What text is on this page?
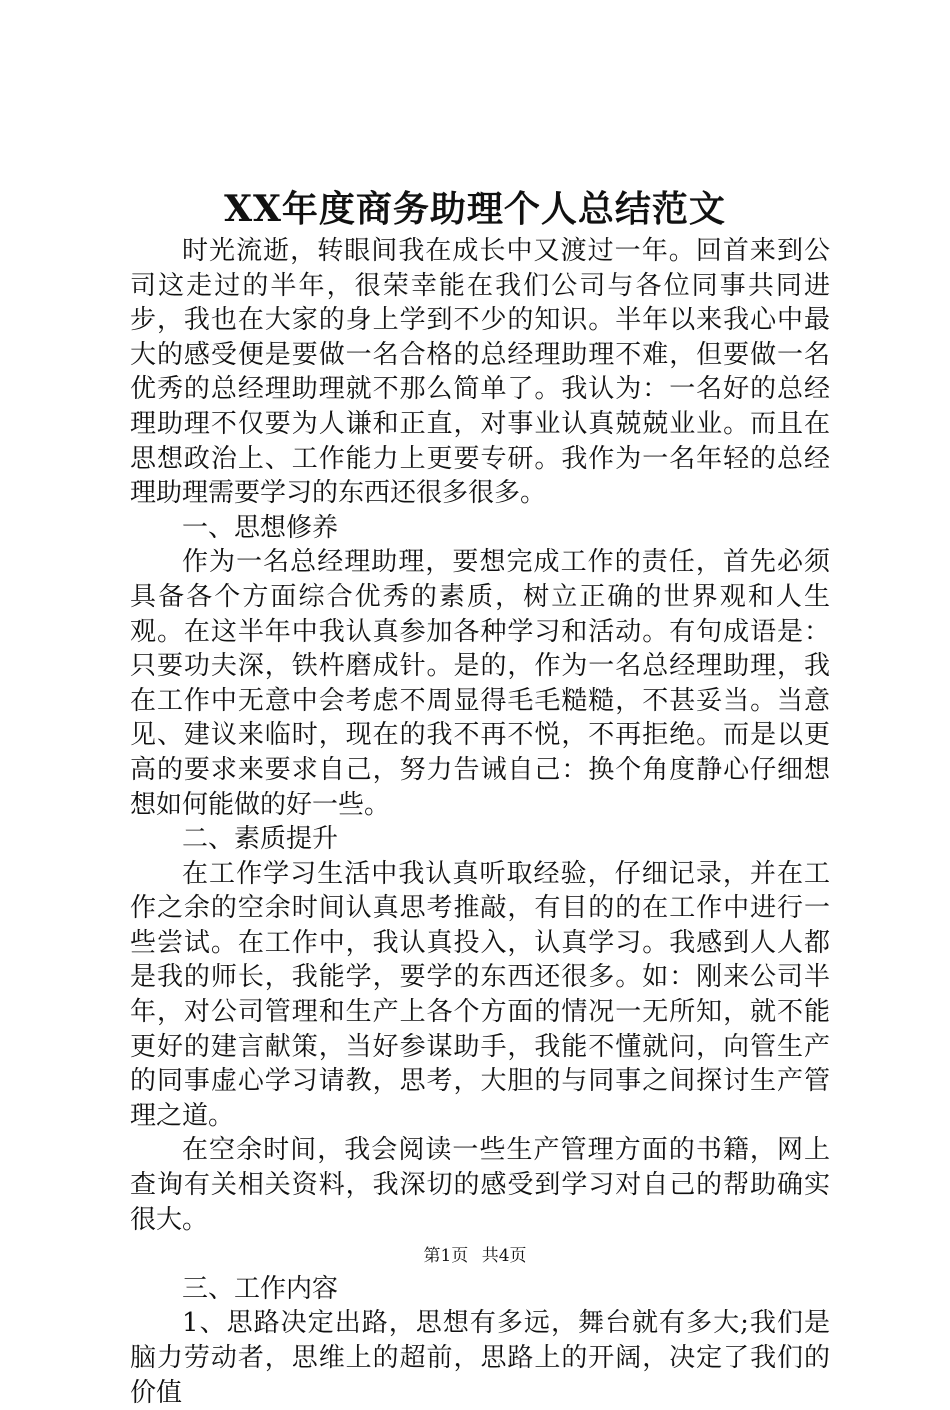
XX年度商务助理个人总结范文

时光流逝，转眼间我在成长中又渡过一年。回首来到公司这走过的半年，很荣幸能在我们公司与各位同事共同进步，我也在大家的身上学到不少的知识。半年以来我心中最大的感受便是要做一名合格的总经理助理不难，但要做一名优秀的总经理助理就不那么简单了。我认为：一名好的总经理助理不仅要为人谦和正直，对事业认真兢兢业业。而且在思想政治上、工作能力上更要专研。我作为一名年轻的总经理助理需要学习的东西还很多很多。

一、思想修养

作为一名总经理助理，要想完成工作的责任，首先必须具备各个方面综合优秀的素质，树立正确的世界观和人生观。在这半年中我认真参加各种学习和活动。有句成语是：只要功夫深，铁杵磨成针。是的，作为一名总经理助理，我在工作中无意中会考虑不周显得毛毛糙糙，不甚妥当。当意见、建议来临时，现在的我不再不悦，不再拒绝。而是以更高的要求来要求自己，努力告诫自己：换个角度静心仔细想想如何能做的好一些。

二、素质提升

在工作学习生活中我认真听取经验，仔细记录，并在工作之余的空余时间认真思考推敲，有目的的在工作中进行一些尝试。在工作中，我认真投入，认真学习。我感到人人都是我的师长，我能学，要学的东西还很多。如：刚来公司半年，对公司管理和生产上各个方面的情况一无所知，就不能更好的建言献策，当好参谋助手，我能不懂就问，向管生产的同事虚心学习请教，思考，大胆的与同事之间探讨生产管理之道。

在空余时间，我会阅读一些生产管理方面的书籍，网上查询有关相关资料，我深切的感受到学习对自己的帮助确实很大。

三、工作内容

1、思路决定出路，思想有多远，舞台就有多大;我们是脑力劳动者，思维上的超前，思路上的开阔，决定了我们的价值

第1页 共4页
